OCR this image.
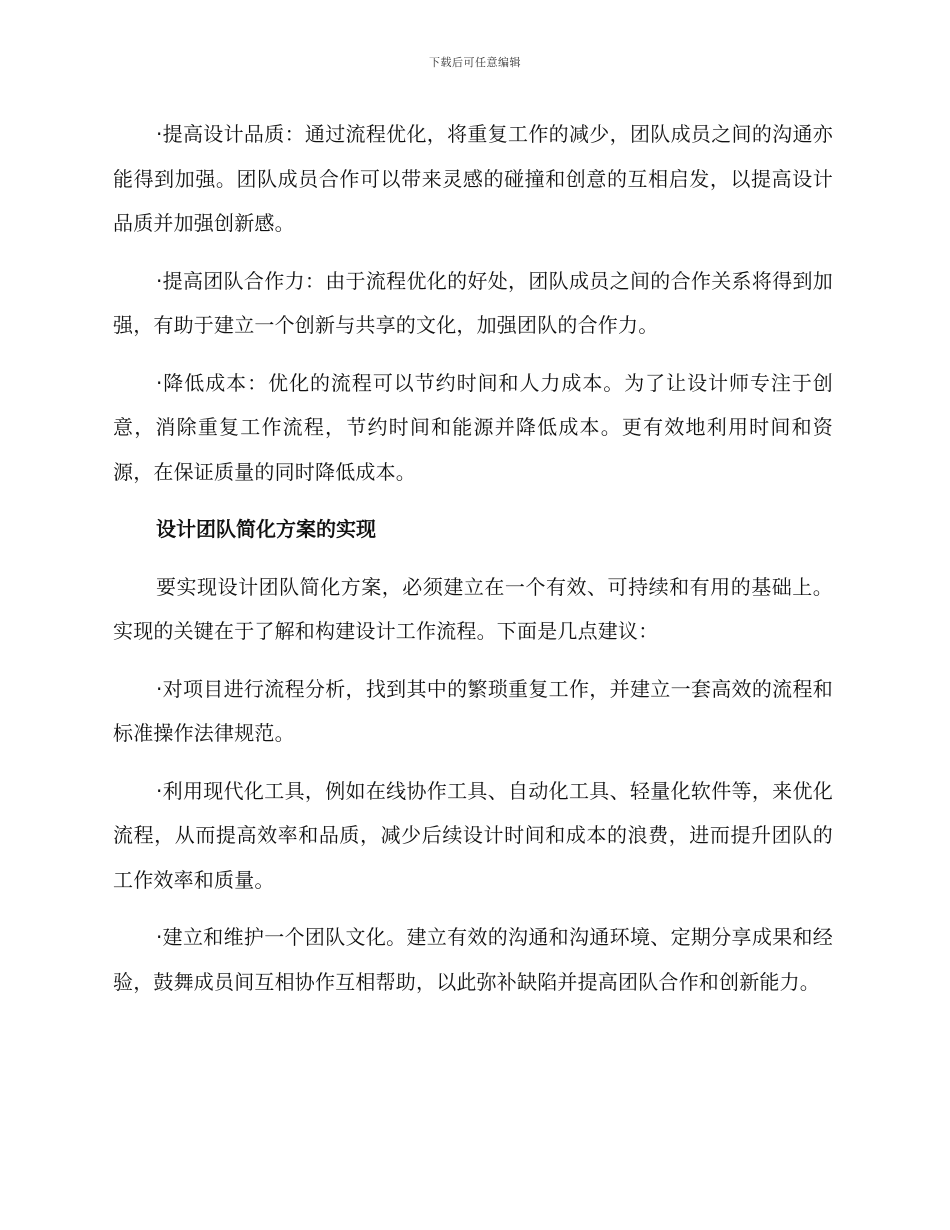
下载后可任意编辑

·提高设计品质：通过流程优化，将重复工作的减少，团队成员之间的沟通亦能得到加强。团队成员合作可以带来灵感的碰撞和创意的互相启发，以提高设计品质并加强创新感。

·提高团队合作力：由于流程优化的好处，团队成员之间的合作关系将得到加强，有助于建立一个创新与共享的文化，加强团队的合作力。

·降低成本：优化的流程可以节约时间和人力成本。为了让设计师专注于创意，消除重复工作流程，节约时间和能源并降低成本。更有效地利用时间和资源，在保证质量的同时降低成本。

设计团队简化方案的实现

要实现设计团队简化方案，必须建立在一个有效、可持续和有用的基础上。实现的关键在于了解和构建设计工作流程。下面是几点建议：

·对项目进行流程分析，找到其中的繁琐重复工作，并建立一套高效的流程和标准操作法律规范。

·利用现代化工具，例如在线协作工具、自动化工具、轻量化软件等，来优化流程，从而提高效率和品质，减少后续设计时间和成本的浪费，进而提升团队的工作效率和质量。

·建立和维护一个团队文化。建立有效的沟通和沟通环境、定期分享成果和经验，鼓舞成员间互相协作互相帮助，以此弥补缺陷并提高团队合作和创新能力。
